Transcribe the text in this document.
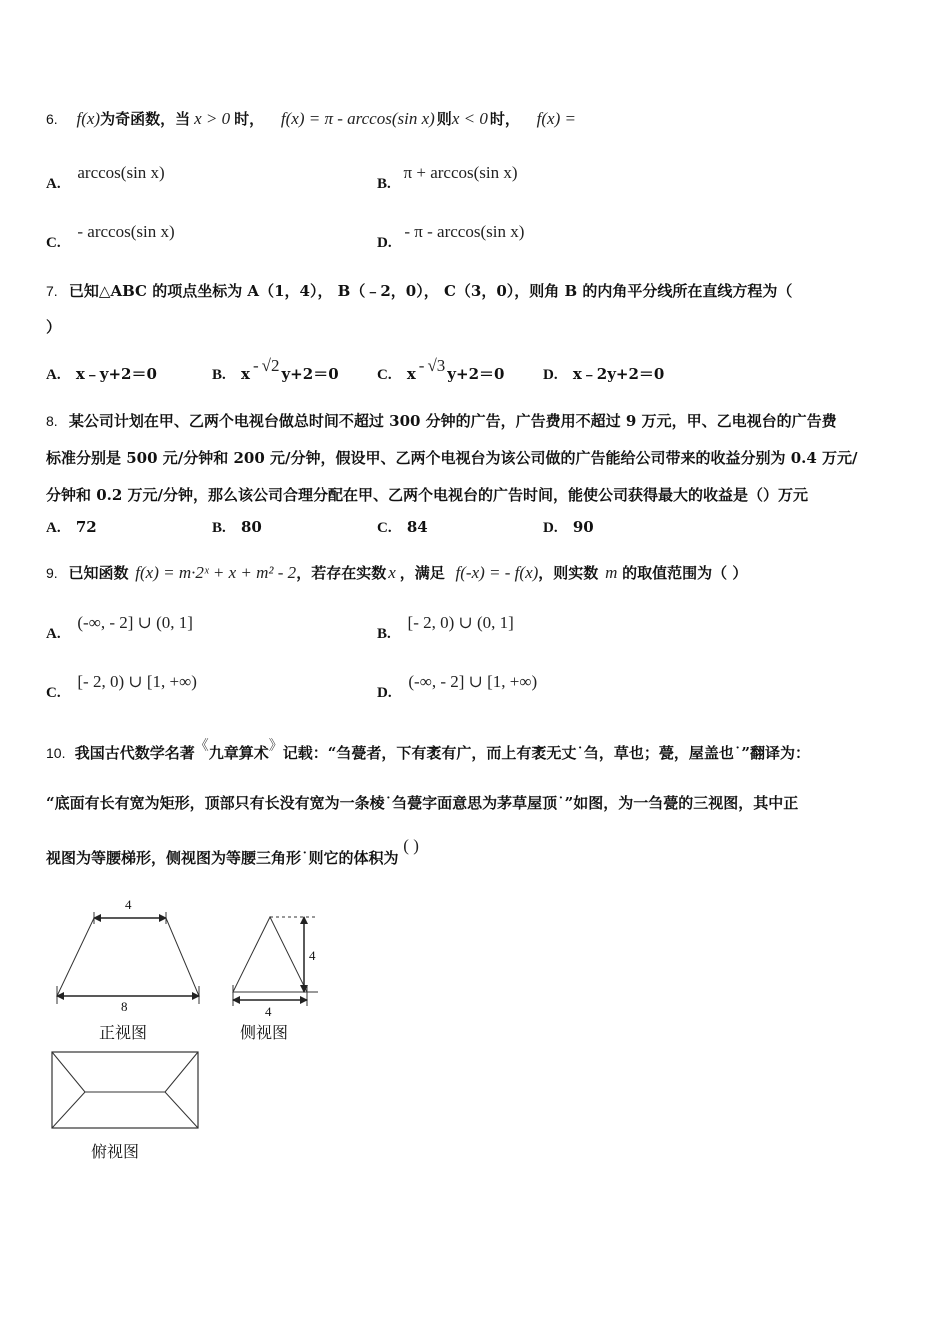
6. f(x)为奇函数，当 x > 0 时， f(x) = π - arccos(sin x) 则x < 0 时， f(x) =
A. arccos(sin x)
B. π + arccos(sin x)
C. - arccos(sin x)
D. - π - arccos(sin x)
7. 已知△ABC 的项点坐标为 A（1，4）， B（﹣2，0）， C（3，0），则角 B 的内角平分线所在直线方程为（
）
A. x﹣y+2＝0	B. x - √2 y+2＝0	C. x - √3 y+2＝0	D. x﹣2y+2＝0
8. 某公司计划在甲、乙两个电视台做总时间不超过 300 分钟的广告，广告费用不超过 9 万元，甲、乙电视台的广告费
标准分别是 500 元/分钟和 200 元/分钟，假设甲、乙两个电视台为该公司做的广告能给公司带来的收益分别为 0.4 万元/
分钟和 0.2 万元/分钟，那么该公司合理分配在甲、乙两个电视台的广告时间，能使公司获得最大的收益是（）万元
A. 72	B. 80	C. 84	D. 90
9. 已知函数 f(x) = m·2ˣ + x + m² - 2，若存在实数 x ，满足 f(-x) = - f(x)，则实数 m 的取值范围为（ ）
A. (-∞, - 2] ∪ (0, 1]
B. [- 2, 0) ∪ (0, 1]
C. [- 2, 0) ∪ [1, +∞)
D. (-∞, - 2] ∪ [1, +∞)
10. 我国古代数学名著《九章算术》记载：“刍甍者，下有袤有广，而上有袤无丈˙刍，草也；甍，屋盖也˙”翻译为：
“底面有长有宽为矩形，顶部只有长没有宽为一条棱˙刍甍字面意思为茅草屋顶˙”如图，为一刍甍的三视图，其中正
视图为等腰梯形，侧视图为等腰三角形˙则它的体积为 ( )
4
8
正视图
4
4
侧视图
俯视图
